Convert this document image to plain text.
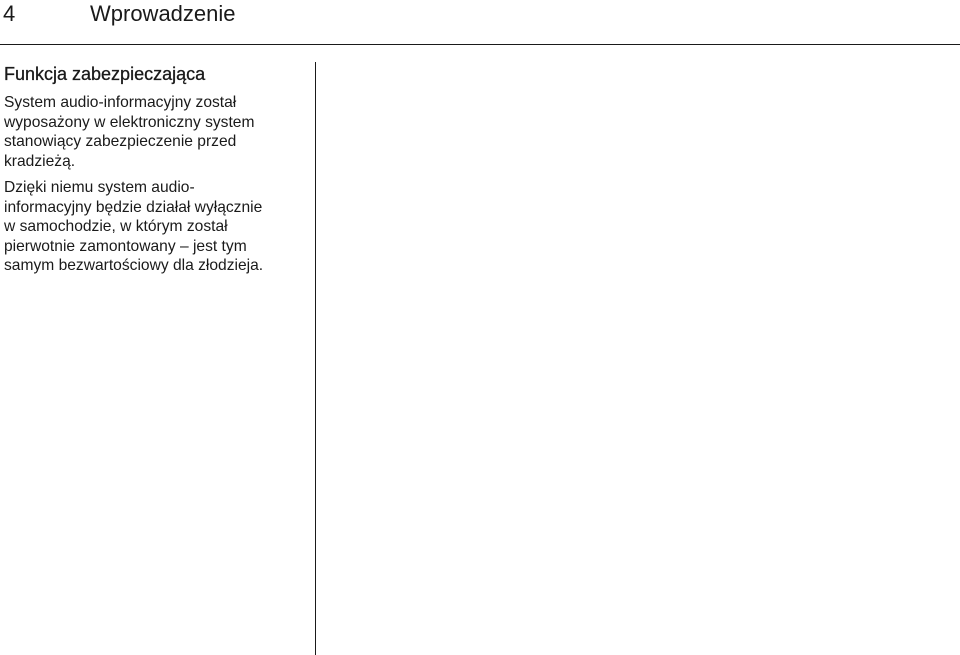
4	Wprowadzenie
Funkcja zabezpieczająca

System audio-informacyjny został
wyposażony w elektroniczny system
stanowiący zabezpieczenie przed
kradzieżą.

Dzięki niemu system audio-
informacyjny będzie działał wyłącznie
w samochodzie, w którym został
pierwotnie zamontowany – jest tym
samym bezwartościowy dla złodzieja.
